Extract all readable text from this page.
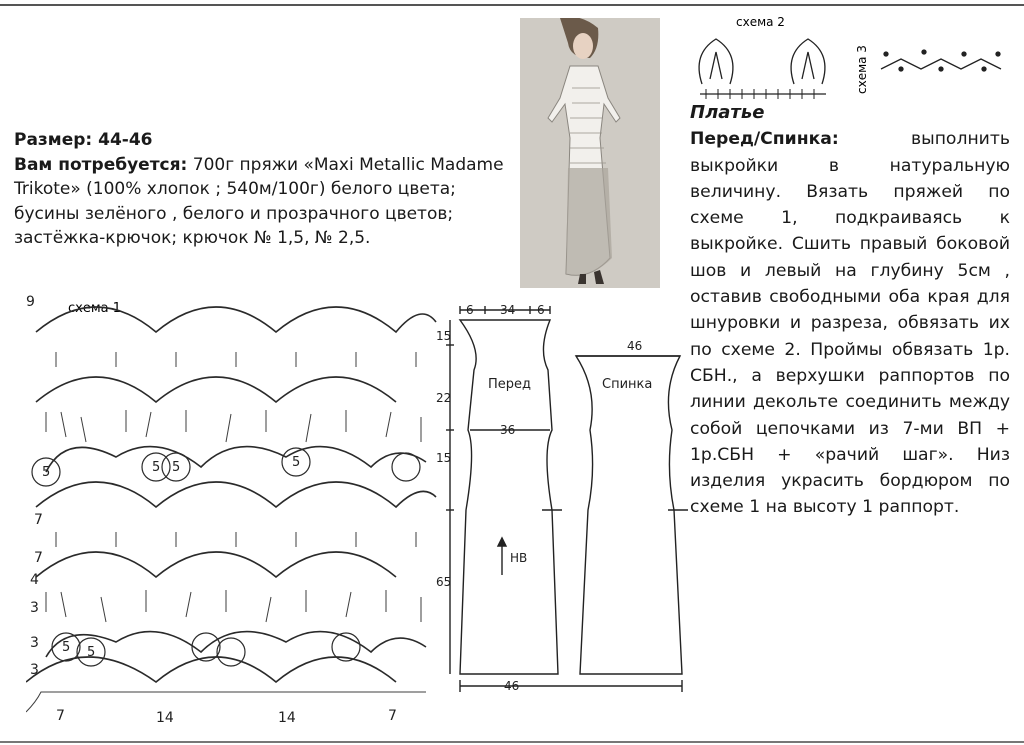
Размер: 44-46
Вам потребуется: 700г пряжи «Maxi Metallic Madame Trikote» (100% хлопок ; 540м/100г) белого цвета; бусины зелёного , белого и прозрачного цветов; застёжка-крючок; крючок № 1,5, № 2,5.
Платье
Перед/Спинка:	выполнить выкройки в натуральную величину. Вязать пряжей по схеме 1, подкраиваясь к выкройке. Сшить правый боковой шов и левый на глубину 5см , оставив свободными оба края для шнуровки и разреза, обвязать их по схеме 2. Проймы обвязать 1р. СБН., а верхушки раппортов по линии декольте соединить между собой цепочками из 7-ми ВП + 1р.СБН + «рачий шаг». Низ изделия украсить бордюром по схеме 1 на высоту 1 раппорт.
схема 2
схема 3
схема 1
9
7
7
4
3
3
3
5	5 5	5
5 5
7	14	14	7
6 34 6
46
36
НВ
46
15
22
15
65
Перед	Спинка
